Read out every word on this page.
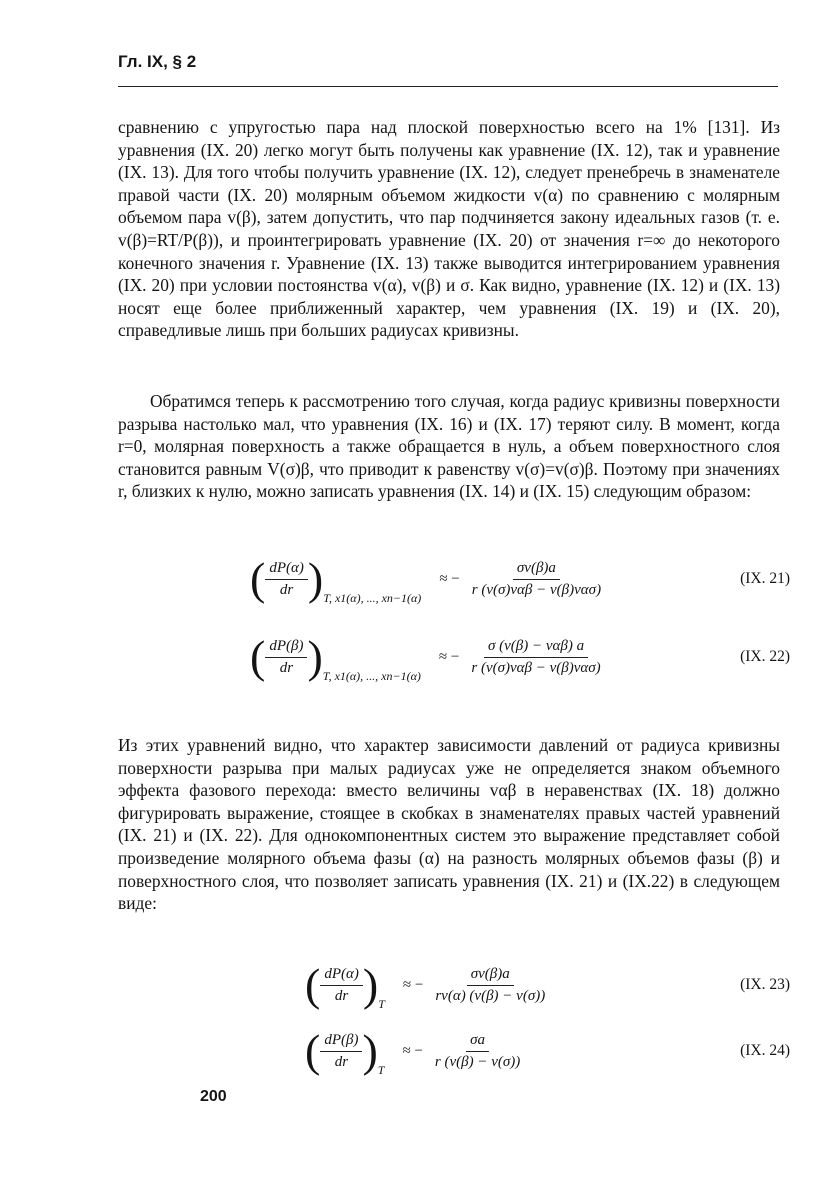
Гл. IX, § 2

сравнению с упругостью пара над плоской поверхностью всего на 1% [131]. Из уравнения (IX. 20) легко могут быть получены как уравнение (IX. 12), так и уравнение (IX. 13). Для того чтобы получить уравнение (IX. 12), следует пренебречь в знаменателе правой части (IX. 20) молярным объемом жидкости v(α) по сравнению с молярным объемом пара v(β), затем допустить, что пар подчиняется закону идеальных газов (т. е. v(β)=RT/P(β)), и проинтегрировать уравнение (IX. 20) от значения r=∞ до некоторого конечного значения r. Уравнение (IX. 13) также выводится интегрированием уравнения (IX. 20) при условии постоянства v(α), v(β) и σ. Как видно, уравнение (IX. 12) и (IX. 13) носят еще более приближенный характер, чем уравнения (IX. 19) и (IX. 20), справедливые лишь при больших радиусах кривизны.

Обратимся теперь к рассмотрению того случая, когда радиус кривизны поверхности разрыва настолько мал, что уравнения (IX. 16) и (IX. 17) теряют силу. В момент, когда r=0, молярная поверхность a также обращается в нуль, а объем поверхностного слоя становится равным V(σ)β, что приводит к равенству v(σ)=v(σ)β. Поэтому при значениях r, близких к нулю, можно записать уравнения (IX. 14) и (IX. 15) следующим образом:

( $\frac{dP(\alpha)}{dr}$ ) T, x1(α), ..., xn−1(α)
≈ − $\frac{\sigma v(\beta)a}{\text{r (v(σ)vαβ − v(β)vασ)}}$	(IX. 21)
( $\frac{dP(\beta)}{dr}$ ) T, x1(α), ..., xn−1(α)
≈ − $\frac{\text{σ (v(β) − vαβ) a}}{\text{r (v(σ)vαβ − v(β)vασ)}}$	(IX. 22)

Из этих уравнений видно, что характер зависимости давлений от радиуса кривизны поверхности разрыва при малых радиусах уже не определяется знаком объемного эффекта фазового перехода: вместо величины vαβ в неравенствах (IX. 18) должно фигурировать выражение, стоящее в скобках в знаменателях правых частей уравнений (IX. 21) и (IX. 22). Для однокомпонентных систем это выражение представляет собой произведение молярного объема фазы (α) на разность молярных объемов фазы (β) и поверхностного слоя, что позволяет записать уравнения (IX. 21) и (IX.22) в следующем виде:

( $\frac{dP(\alpha)}{dr}$ ) T
≈ − $\frac{\sigma v(\beta)a}{rv(\alpha) (v(\beta) - v(\sigma))}$	(IX. 23)
( $\frac{dP(\beta)}{dr}$ ) T
≈ − $\frac{\sigma a}{r (v(\beta) - v(\sigma))}$	(IX. 24)
200
